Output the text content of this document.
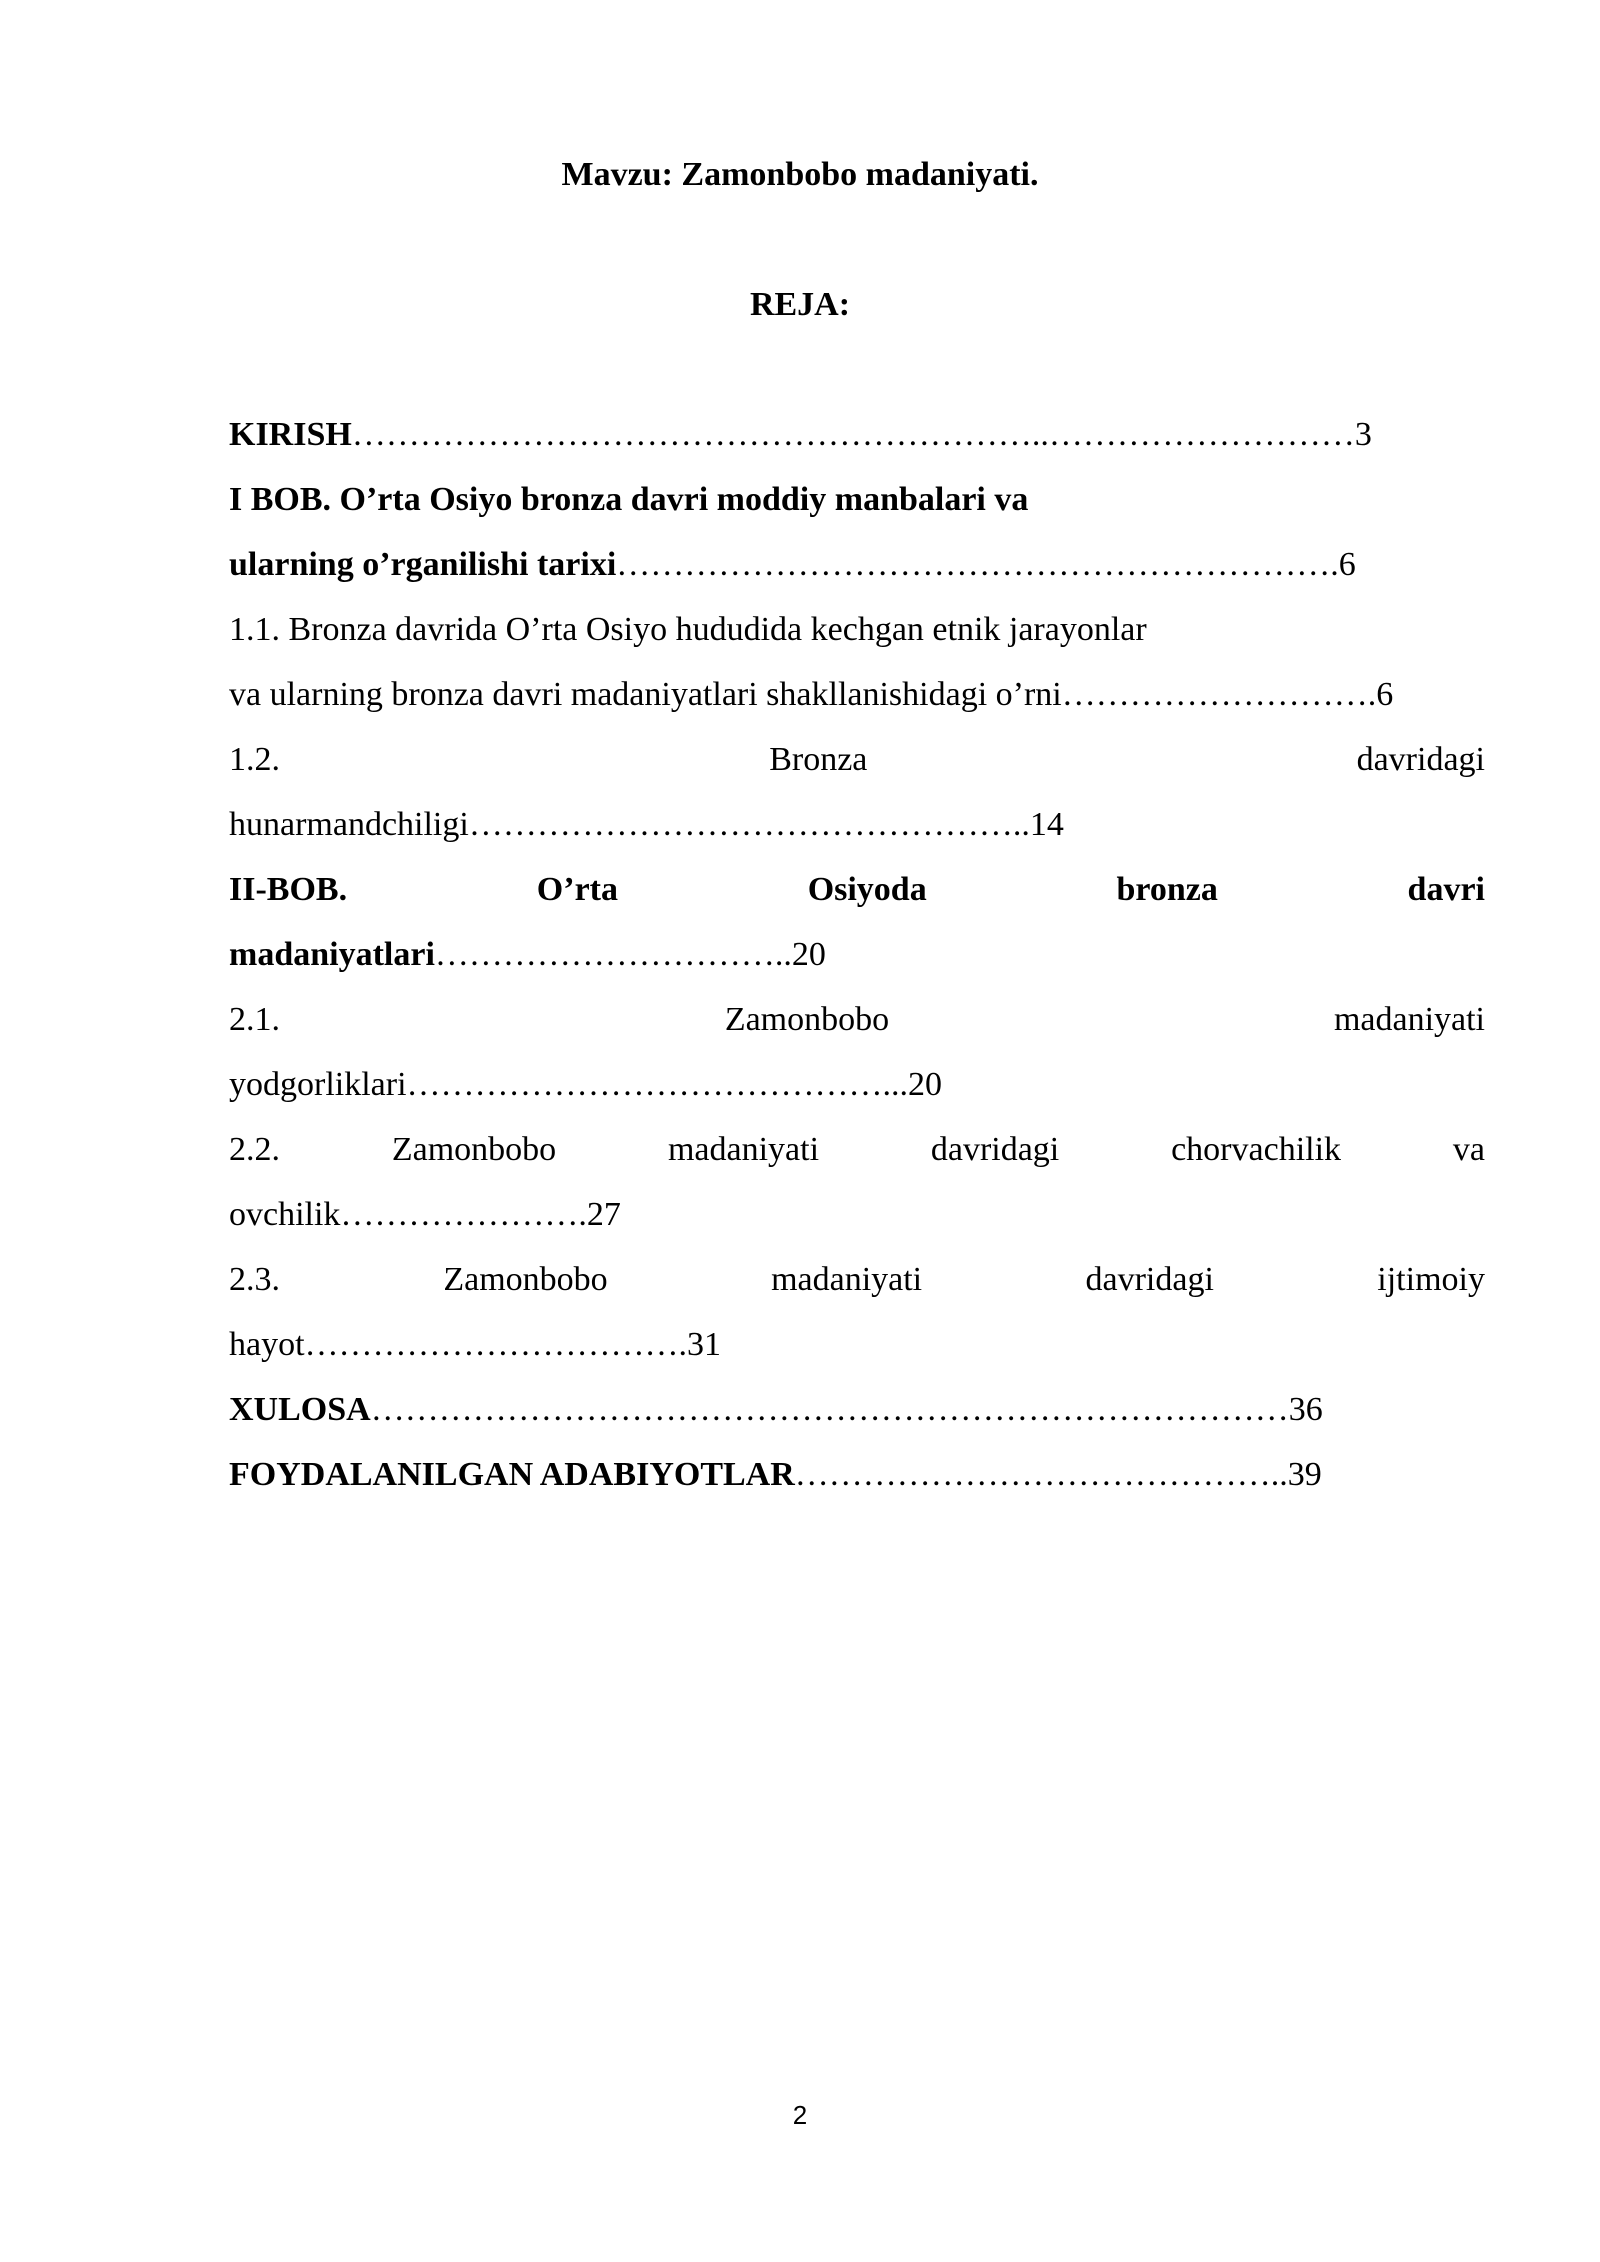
Mavzu: Zamonbobo madaniyati.
REJA:
KIRISH……………………………………………………..………………………3
I BOB. O’rta Osiyo bronza davri moddiy manbalari va
ularning o’rganilishi tarixi……………………………………………………….6
1.1. Bronza davrida O’rta Osiyo hududida kechgan etnik jarayonlar
va ularning bronza davri madaniyatlari shakllanishidagi o’rni……………………….6
1.2.	Bronza	davridagi
hunarmandchiligi…………………………………………..14
II-BOB.	O’rta	Osiyoda	bronza	davri
madaniyatlari…………………………..20
2.1.	Zamonbobo	madaniyati
yodgorliklari……………………………………...20
2.2.	Zamonbobo	madaniyati	davridagi	chorvachilik	va
ovchilik………………….27
2.3.	Zamonbobo	madaniyati	davridagi	ijtimoiy
hayot…………………………….31
XULOSA………………………………………………………………………36
FOYDALANILGAN ADABIYOTLAR……………………………………..39
2
